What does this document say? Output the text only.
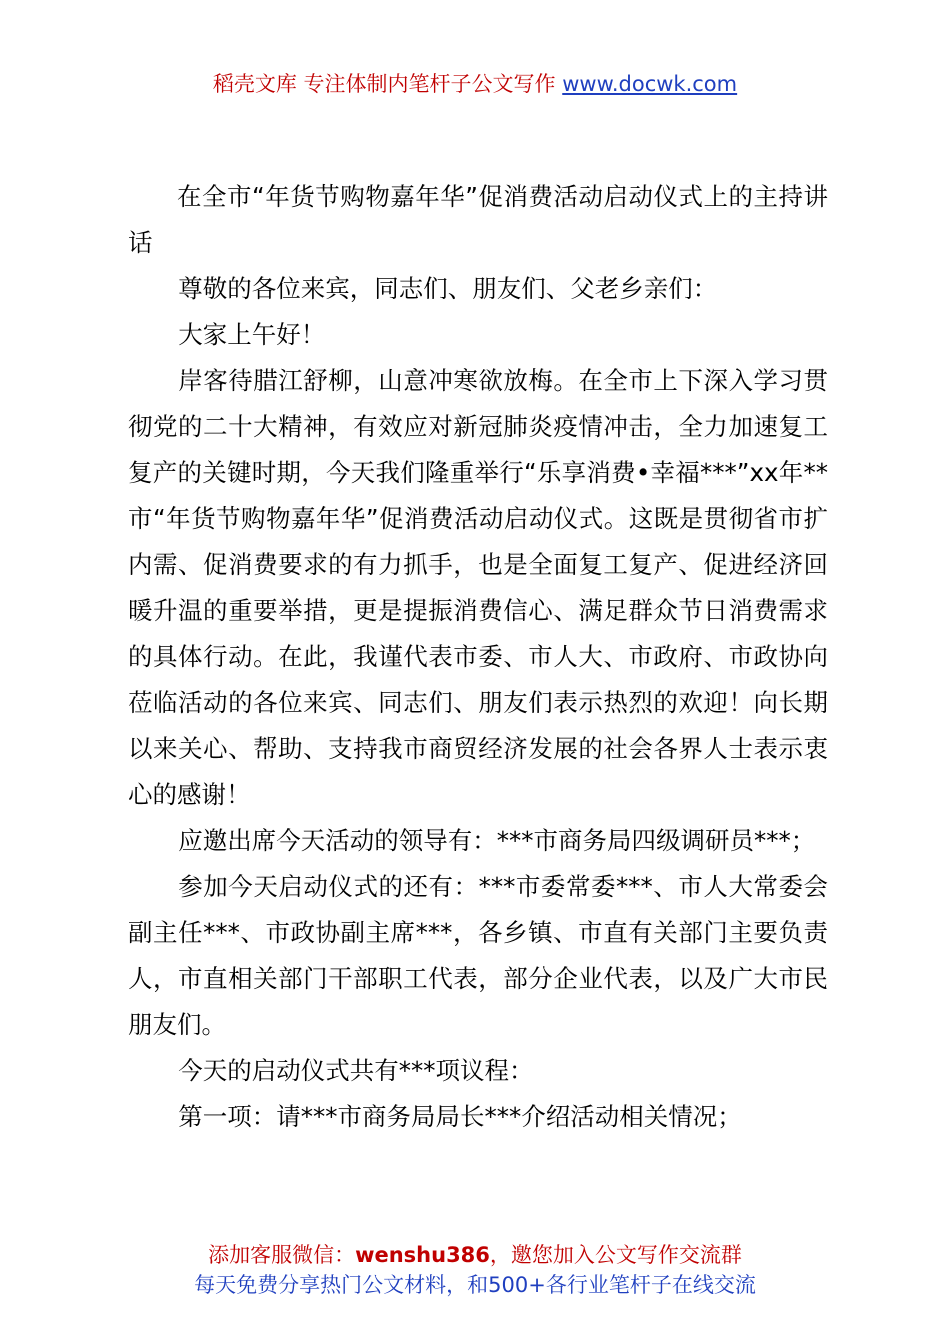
稻壳文库 专注体制内笔杆子公文写作 www.docwk.com

在全市“年货节购物嘉年华”促消费活动启动仪式上的主持讲话

尊敬的各位来宾，同志们、朋友们、父老乡亲们：

大家上午好！

岸客待腊江舒柳，山意冲寒欲放梅。在全市上下深入学习贯彻党的二十大精神，有效应对新冠肺炎疫情冲击，全力加速复工复产的关键时期，今天我们隆重举行“乐享消费•幸福***”xx年**市“年货节购物嘉年华”促消费活动启动仪式。这既是贯彻省市扩内需、促消费要求的有力抓手，也是全面复工复产、促进经济回暖升温的重要举措，更是提振消费信心、满足群众节日消费需求的具体行动。在此，我谨代表市委、市人大、市政府、市政协向莅临活动的各位来宾、同志们、朋友们表示热烈的欢迎！向长期以来关心、帮助、支持我市商贸经济发展的社会各界人士表示衷心的感谢！

应邀出席今天活动的领导有：***市商务局四级调研员***；

参加今天启动仪式的还有：***市委常委***、市人大常委会副主任***、市政协副主席***，各乡镇、市直有关部门主要负责人，市直相关部门干部职工代表，部分企业代表，以及广大市民朋友们。

今天的启动仪式共有***项议程：

第一项：请***市商务局局长***介绍活动相关情况；

添加客服微信：wenshu386，邀您加入公文写作交流群
每天免费分享热门公文材料，和500+各行业笔杆子在线交流
